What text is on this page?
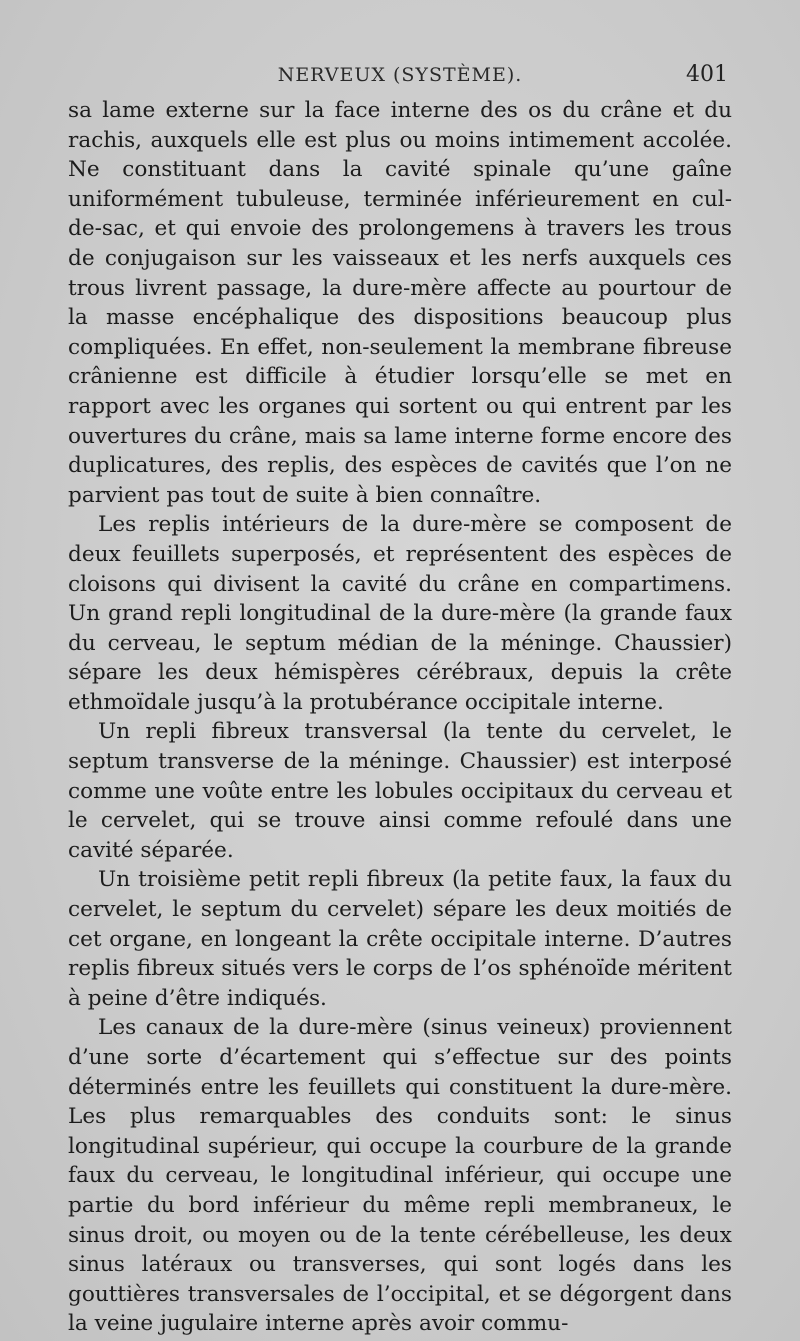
NERVEUX (SYSTÈME).	401

sa lame externe sur la face interne des os du crâne et du rachis, auxquels elle est plus ou moins intimement accolée. Ne constituant dans la cavité spinale qu’une gaîne uniformément tubuleuse, terminée inférieurement en cul-de-sac, et qui envoie des prolongemens à travers les trous de conjugaison sur les vaisseaux et les nerfs auxquels ces trous livrent passage, la dure-mère affecte au pourtour de la masse encéphalique des dispositions beaucoup plus compliquées. En effet, non-seulement la membrane fibreuse crânienne est difficile à étudier lorsqu’elle se met en rapport avec les organes qui sortent ou qui entrent par les ouvertures du crâne, mais sa lame interne forme encore des duplicatures, des replis, des espèces de cavités que l’on ne parvient pas tout de suite à bien connaître.

Les replis intérieurs de la dure-mère se composent de deux feuillets superposés, et représentent des espèces de cloisons qui divisent la cavité du crâne en compartimens. Un grand repli longitudinal de la dure-mère (la grande faux du cerveau, le septum médian de la méninge. Chaussier) sépare les deux hémispères cérébraux, depuis la crête ethmoïdale jusqu’à la protubérance occipitale interne.

Un repli fibreux transversal (la tente du cervelet, le septum transverse de la méninge. Chaussier) est interposé comme une voûte entre les lobules occipitaux du cerveau et le cervelet, qui se trouve ainsi comme refoulé dans une cavité séparée.

Un troisième petit repli fibreux (la petite faux, la faux du cervelet, le septum du cervelet) sépare les deux moitiés de cet organe, en longeant la crête occipitale interne. D’autres replis fibreux situés vers le corps de l’os sphénoïde méritent à peine d’être indiqués.

Les canaux de la dure-mère (sinus veineux) proviennent d’une sorte d’écartement qui s’effectue sur des points déterminés entre les feuillets qui constituent la dure-mère. Les plus remarquables des conduits sont: le sinus longitudinal supérieur, qui occupe la courbure de la grande faux du cerveau, le longitudinal inférieur, qui occupe une partie du bord inférieur du même repli membraneux, le sinus droit, ou moyen ou de la tente cérébelleuse, les deux sinus latéraux ou transverses, qui sont logés dans les gouttières transversales de l’occipital, et se dégorgent dans la veine jugulaire interne après avoir commu-
